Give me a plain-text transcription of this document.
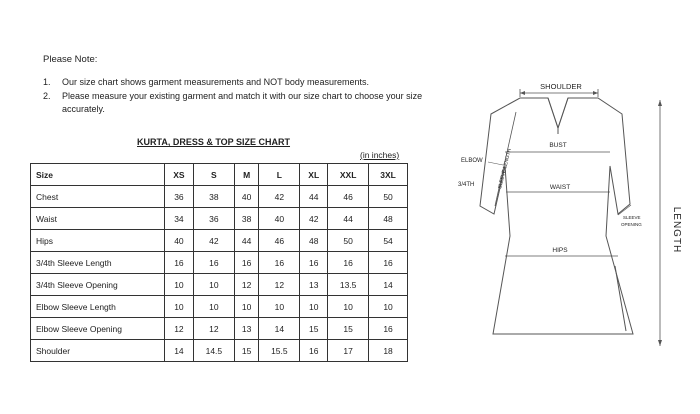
Please Note:
1.	Our size chart shows garment measurements and NOT body measurements.
2.	Please measure your existing garment and match it with our size chart to choose your size accurately.
KURTA, DRESS & TOP SIZE CHART
(in inches)
Size	XS	S	M	L	XL	XXL	3XL
Chest	36	38	40	42	44	46	50
Waist	34	36	38	40	42	44	48
Hips	40	42	44	46	48	50	54
3/4th Sleeve Length	16	16	16	16	16	16	16
3/4th Sleeve Opening	10	10	12	12	13	13.5	14
Elbow Sleeve Length	10	10	10	10	10	10	10
Elbow Sleeve Opening	12	12	13	14	15	15	16
Shoulder	14	14.5	15	15.5	16	17	18
SHOULDER
BUST
WAIST
HIPS
ELBOW
3/4TH	SLEEVE LENGTH
SLEEVE
OPENING	LENGTH
